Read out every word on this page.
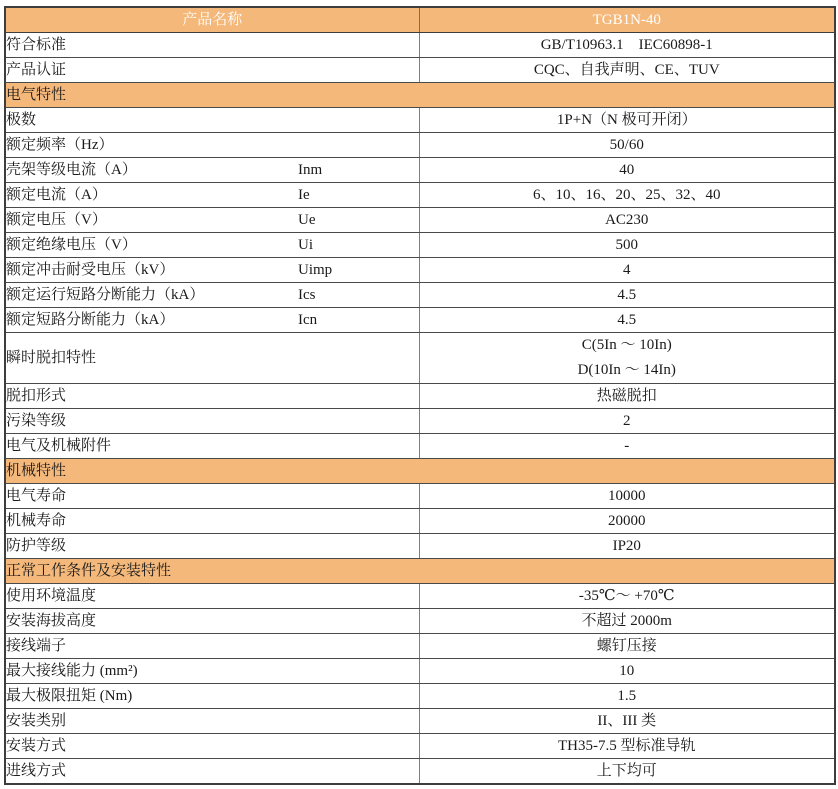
产品名称	TGB1N-40
符合标准	GB/T10963.1　IEC60898-1
产品认证	CQC、自我声明、CE、TUV
电气特性	
极数	1P+N（N 极可开闭）
额定频率（Hz）	50/60
壳架等级电流（A） Inm	40
额定电流（A） Ie	6、10、16、20、25、32、40
额定电压（V） Ue	AC230
额定绝缘电压（V） Ui	500
额定冲击耐受电压（kV） Uimp	4
额定运行短路分断能力（kA） Ics	4.5
额定短路分断能力（kA） Icn	4.5
瞬时脱扣特性	C(5In ～ 10In)
D(10In ～ 14In)

脱扣形式	热磁脱扣
污染等级	2
电气及机械附件	-
机械特性	
电气寿命	10000
机械寿命	20000
防护等级	IP20
正常工作条件及安装特性	
使用环境温度	-35℃～ +70℃
安装海拔高度	不超过 2000m
接线端子	螺钉压接
最大接线能力 (mm²)	10
最大极限扭矩 (Nm)	1.5
安装类别	II、III 类
安装方式	TH35-7.5 型标准导轨
进线方式	上下均可
